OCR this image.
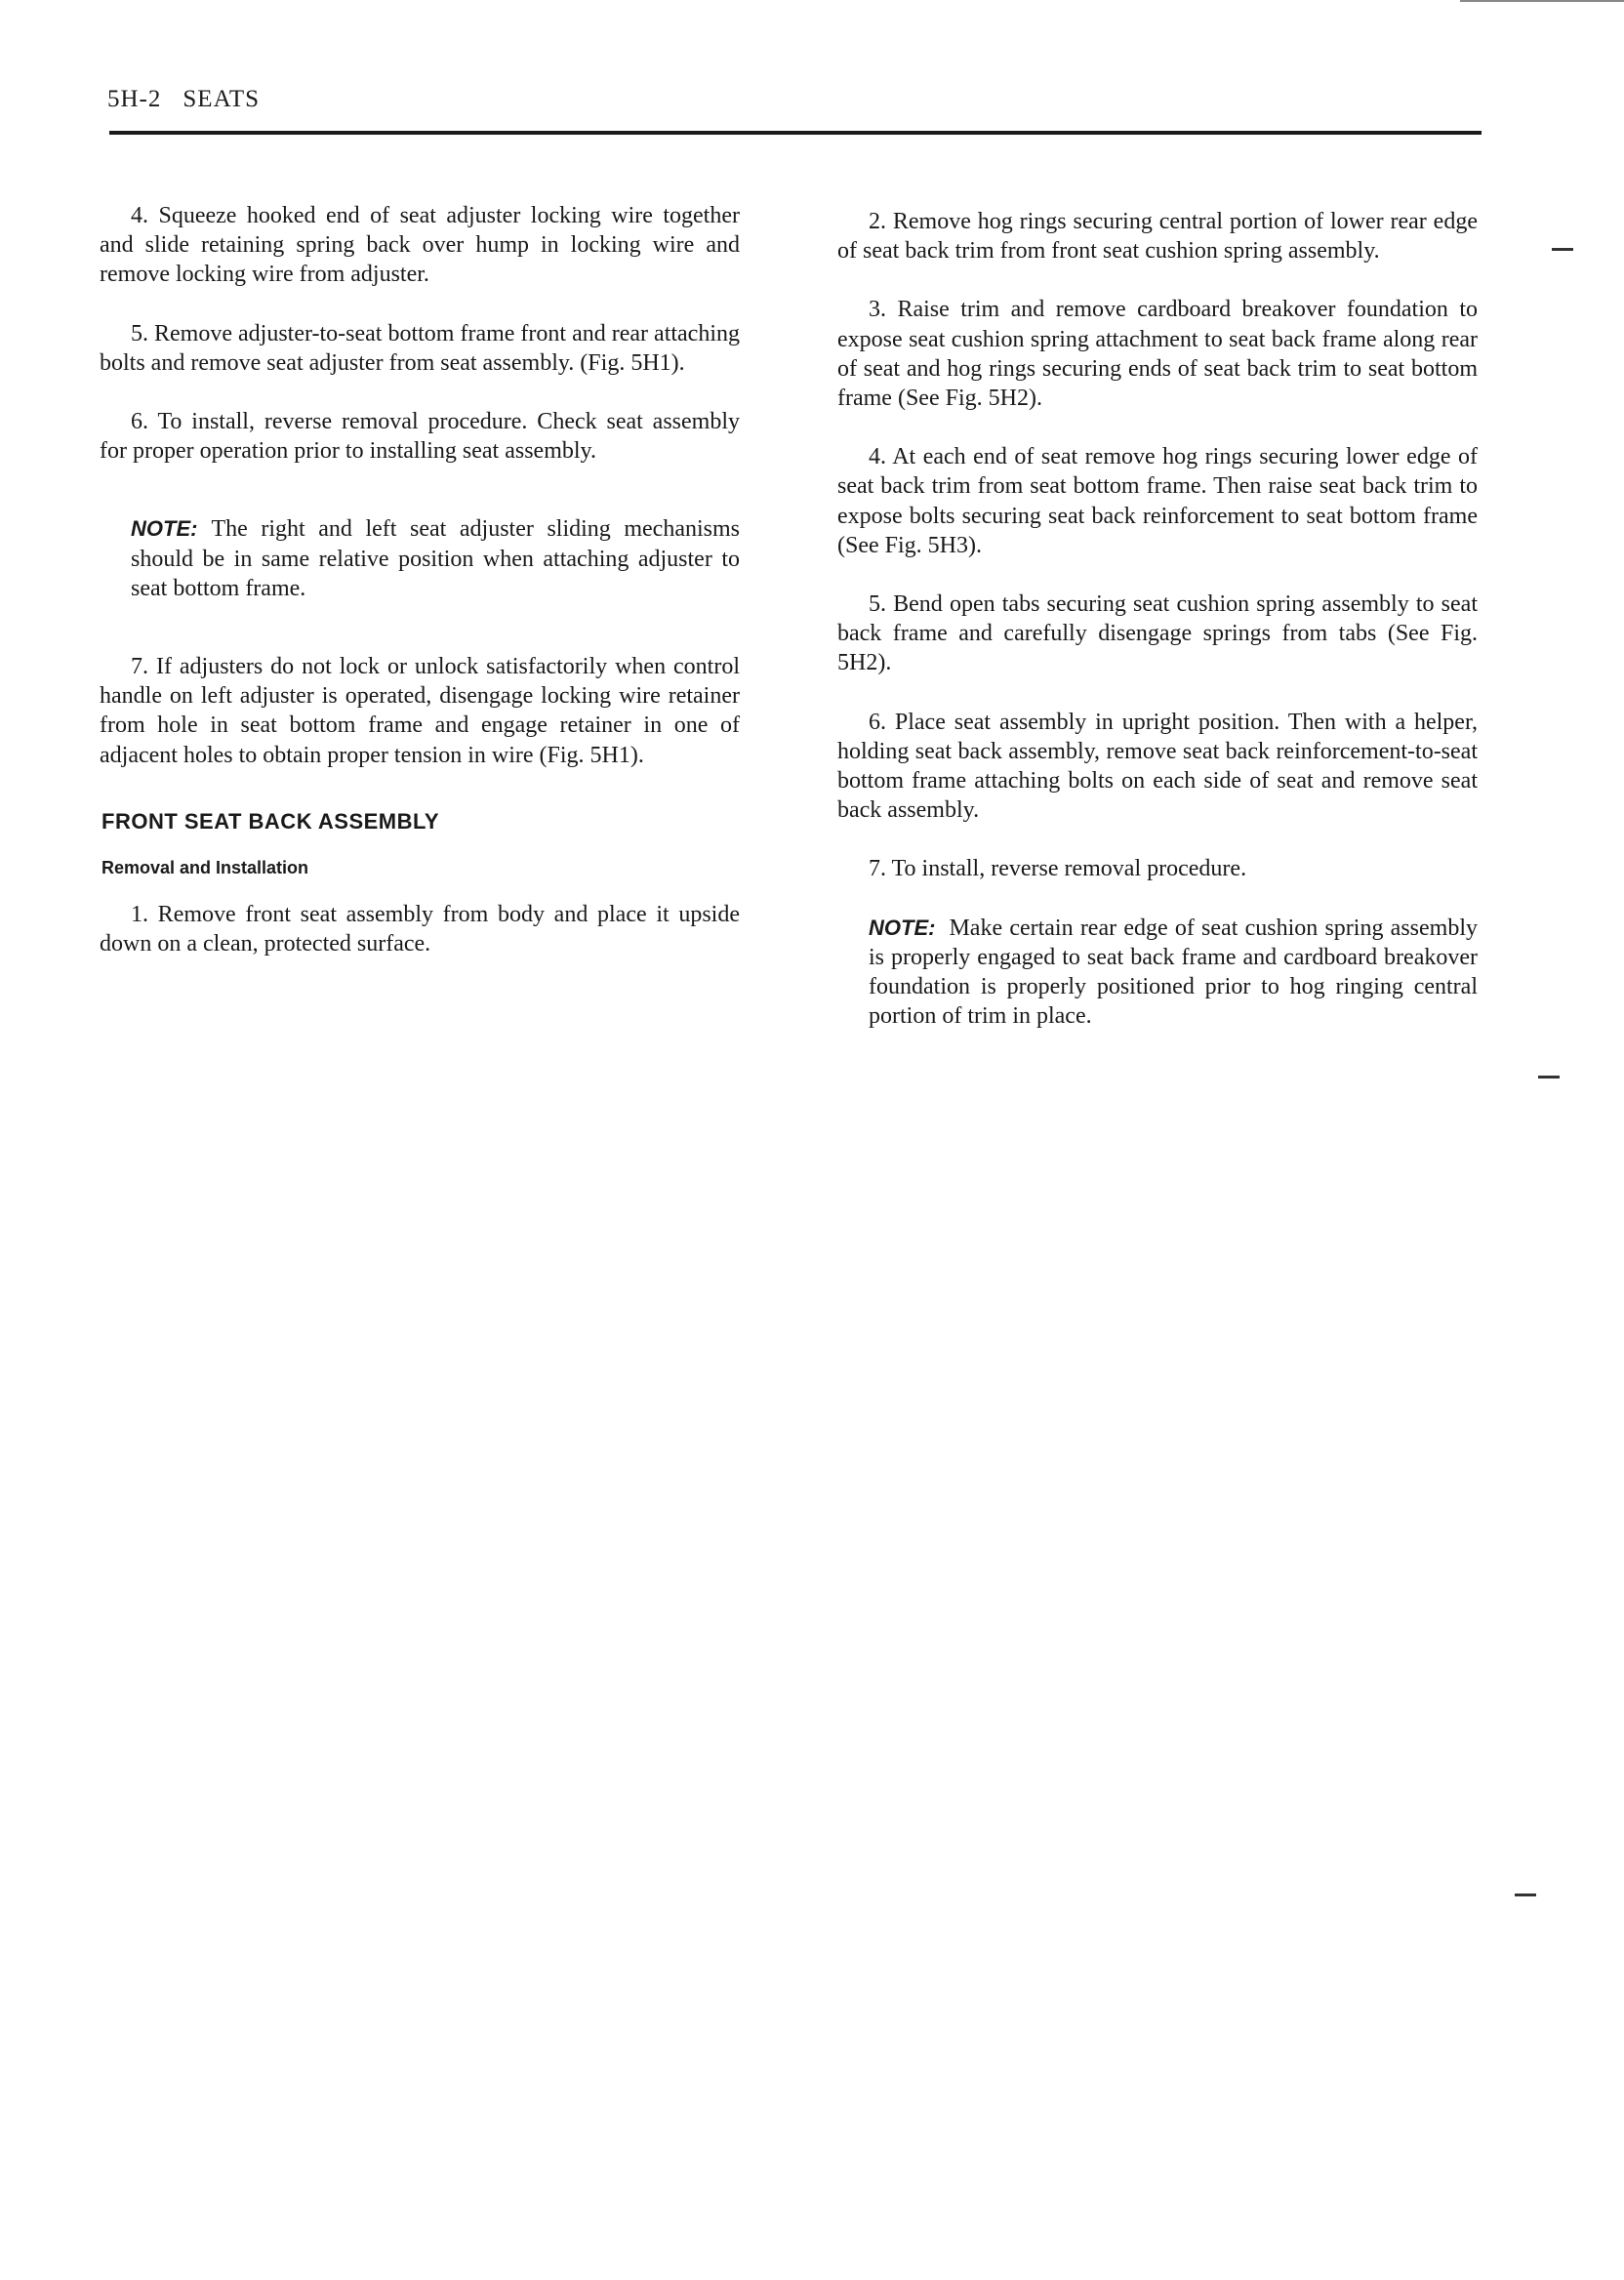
5H-2 SEATS

4. Squeeze hooked end of seat adjuster locking wire together and slide retaining spring back over hump in locking wire and remove locking wire from adjuster.

5. Remove adjuster-to-seat bottom frame front and rear attaching bolts and remove seat adjuster from seat assembly. (Fig. 5H1).

6. To install, reverse removal procedure. Check seat assembly for proper operation prior to installing seat assembly.

NOTE: The right and left seat adjuster sliding mechanisms should be in same relative position when attaching adjuster to seat bottom frame.

7. If adjusters do not lock or unlock satisfactorily when control handle on left adjuster is operated, disengage locking wire retainer from hole in seat bottom frame and engage retainer in one of adjacent holes to obtain proper tension in wire (Fig. 5H1).

FRONT SEAT BACK ASSEMBLY
Removal and Installation

1. Remove front seat assembly from body and place it upside down on a clean, protected surface.

2. Remove hog rings securing central portion of lower rear edge of seat back trim from front seat cushion spring assembly.

3. Raise trim and remove cardboard breakover foundation to expose seat cushion spring attachment to seat back frame along rear of seat and hog rings securing ends of seat back trim to seat bottom frame (See Fig. 5H2).

4. At each end of seat remove hog rings securing lower edge of seat back trim from seat bottom frame. Then raise seat back trim to expose bolts securing seat back reinforcement to seat bottom frame (See Fig. 5H3).

5. Bend open tabs securing seat cushion spring assembly to seat back frame and carefully disengage springs from tabs (See Fig. 5H2).

6. Place seat assembly in upright position. Then with a helper, holding seat back assembly, remove seat back reinforcement-to-seat bottom frame attaching bolts on each side of seat and remove seat back assembly.

7. To install, reverse removal procedure.

NOTE: Make certain rear edge of seat cushion spring assembly is properly engaged to seat back frame and cardboard breakover foundation is properly positioned prior to hog ringing central portion of trim in place.
